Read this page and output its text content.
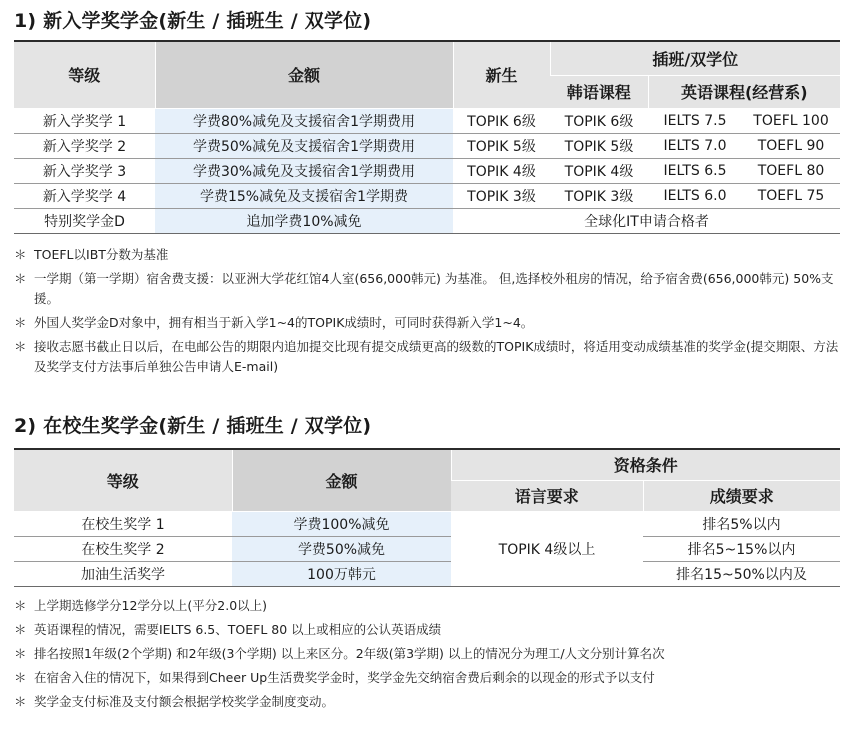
1) 新入学奖学金(新生 / 插班生 / 双学位)
等级	金额	新生	插班/双学位		
			韩语课程	英语课程(经营系)	
新入学奖学 1	学费80%减免及支援宿舍1学期费用	TOPIK 6级	TOPIK 6级	IELTS 7.5	TOEFL 100
新入学奖学 2	学费50%减免及支援宿舍1学期费用	TOPIK 5级	TOPIK 5级	IELTS 7.0	TOEFL 90
新入学奖学 3	学费30%减免及支援宿舍1学期费用	TOPIK 4级	TOPIK 4级	IELTS 6.5	TOEFL 80
新入学奖学 4	学费15%减免及支援宿舍1学期费	TOPIK 3级	TOPIK 3级	IELTS 6.0	TOEFL 75
特别奖学金D	追加学费10%减免	全球化IT申请合格者			
＊ TOEFL以IBT分数为基准
＊ 一学期（第一学期）宿舍费支援：以亚洲大学花红馆4人室(656,000韩元) 为基准。 但,选择校外租房的情况，给予宿舍费(656,000韩元) 50%支援。
＊ 外国人奖学金D对象中，拥有相当于新入学1~4的TOPIK成绩时，可同时获得新入学1~4。
＊ 接收志愿书截止日以后，在电邮公告的期限内追加提交比现有提交成绩更高的级数的TOPIK成绩时，将适用变动成绩基准的奖学金(提交期限、方法及奖学支付方法事后单独公告申请人E-mail)
2) 在校生奖学金(新生 / 插班生 / 双学位)
等级	金额	资格条件	
		语言要求	成绩要求
在校生奖学 1	学费100%减免	TOPIK 4级以上	排名5%以内
在校生奖学 2	学费50%减免		排名5~15%以内
加油生活奖学	100万韩元		排名15~50%以内及
＊ 上学期选修学分12学分以上(平分2.0以上)
＊ 英语课程的情况，需要IELTS 6.5、TOEFL 80 以上或相应的公认英语成绩
＊ 排名按照1年级(2个学期) 和2年级(3个学期) 以上来区分。2年级(第3学期) 以上的情况分为理工/人文分别计算名次
＊ 在宿舍入住的情况下，如果得到Cheer Up生活费奖学金时，奖学金先交纳宿舍费后剩余的以现金的形式予以支付
＊ 奖学金支付标准及支付额会根据学校奖学金制度变动。
